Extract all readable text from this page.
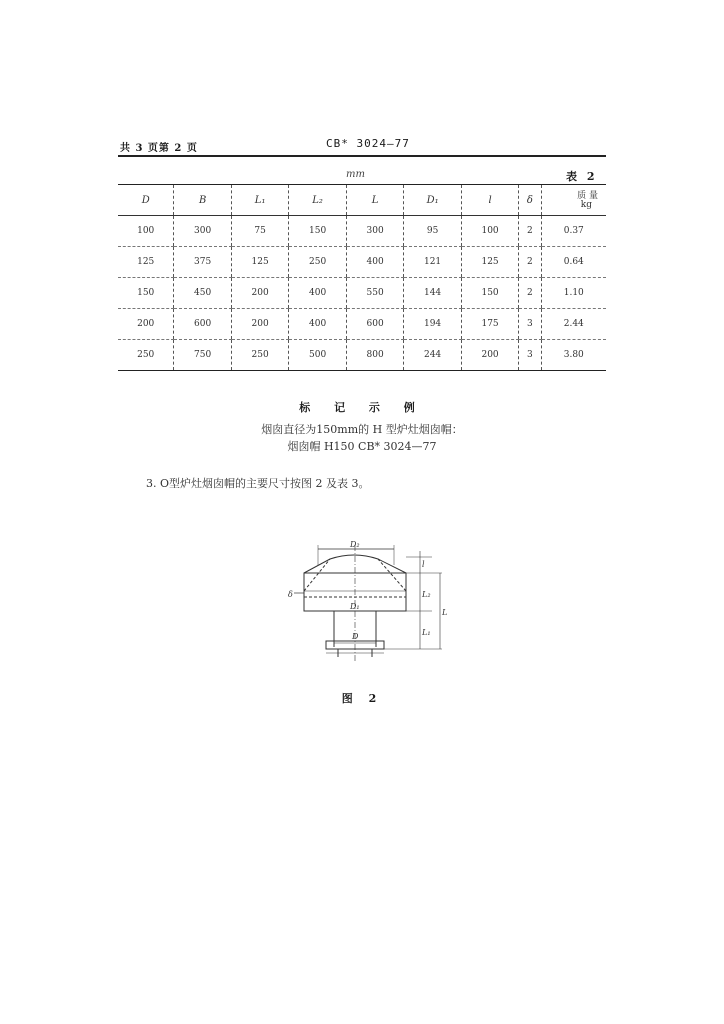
共 3 页第 2 页	CB* 3024—77
mm	表 2
D	B	L₁	L₂	L	D₁	l	δ	质 量
kg

100	300	75	150	300	95	100	2	0.37
125	375	125	250	400	121	125	2	0.64
150	450	200	400	550	144	150	2	1.10
200	600	200	400	600	194	175	3	2.44
250	750	250	500	800	244	200	3	3.80
标 记 示 例
烟囱直径为150mm的 H 型炉灶烟囱帽：
烟囱帽 H150 CB* 3024—77
3. O型炉灶烟囱帽的主要尺寸按图 2 及表 3。
D₂
δ
D₁
D
l
L₂
L₁
L
图 2
